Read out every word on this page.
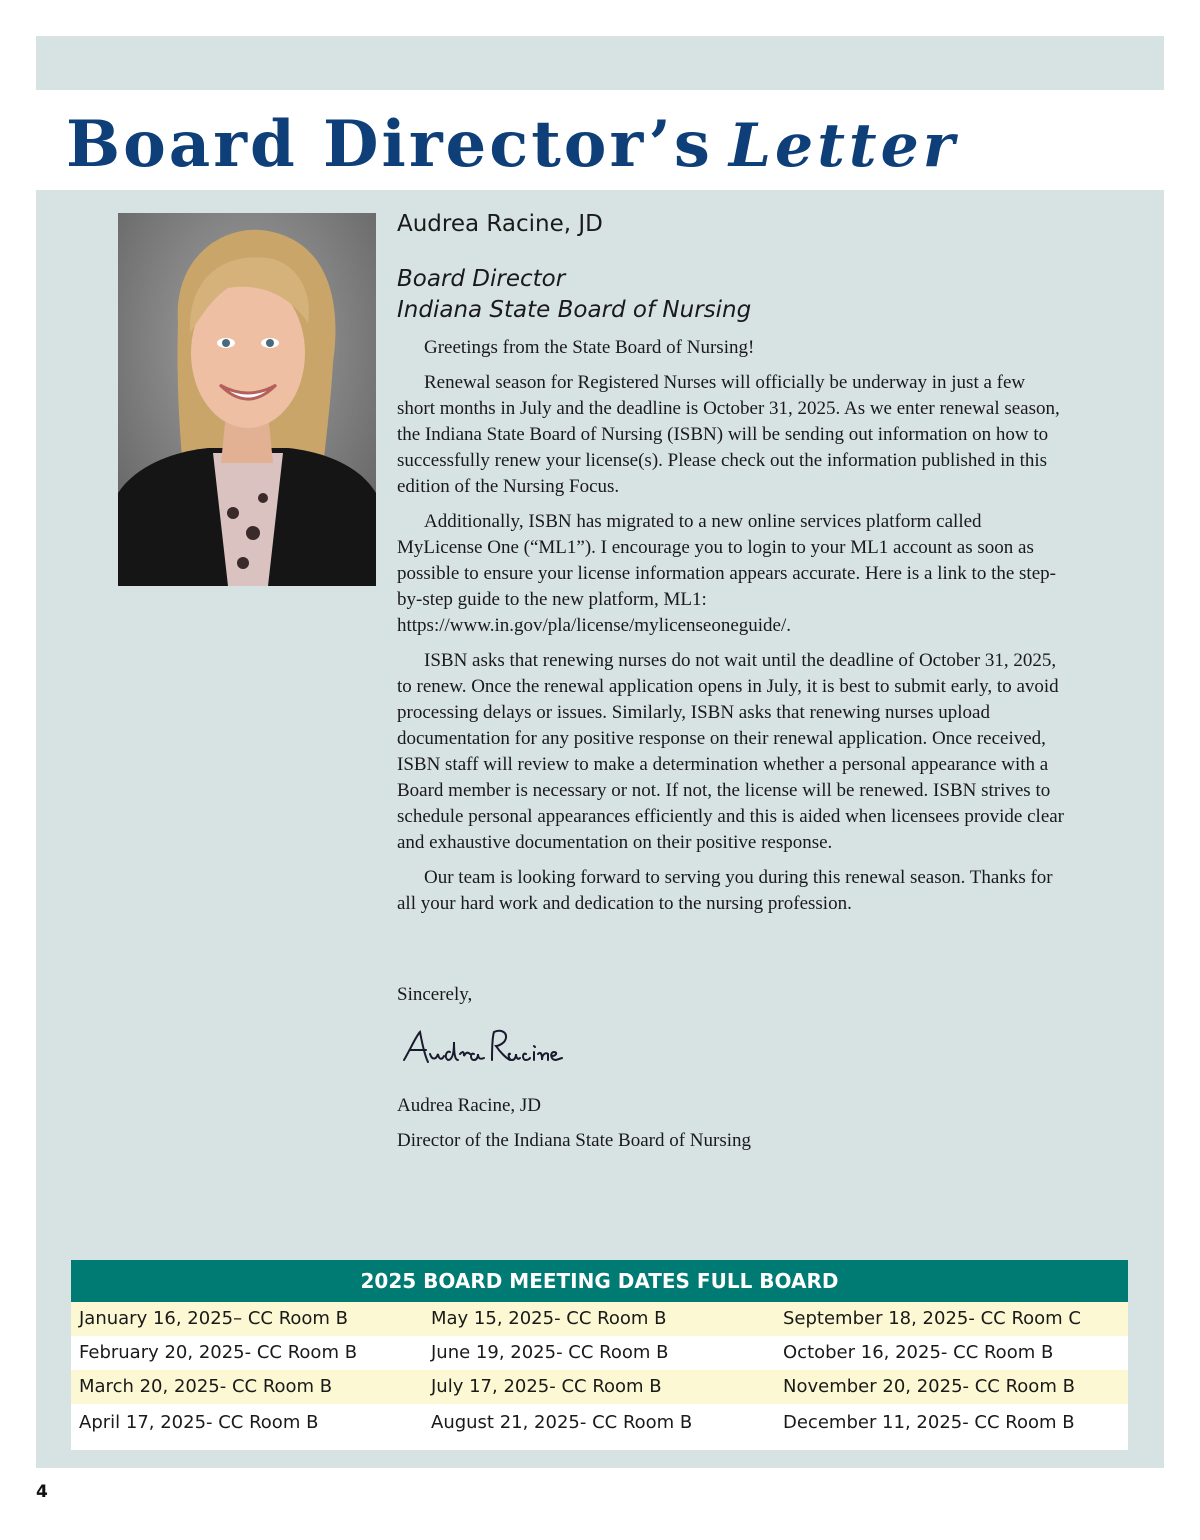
Board Director’s Letter
Audrea Racine, JD
Board Director
Indiana State Board of Nursing

Greetings from the State Board of Nursing!

Renewal season for Registered Nurses will officially be underway in just a few short months in July and the deadline is October 31, 2025. As we enter renewal season, the Indiana State Board of Nursing (ISBN) will be sending out information on how to successfully renew your license(s). Please check out the information published in this edition of the Nursing Focus.

Additionally, ISBN has migrated to a new online services platform called MyLicense One (“ML1”). I encourage you to login to your ML1 account as soon as possible to ensure your license information appears accurate. Here is a link to the step-by-step guide to the new platform, ML1: https://www.in.gov/pla/license/mylicenseoneguide/.

ISBN asks that renewing nurses do not wait until the deadline of October 31, 2025, to renew. Once the renewal application opens in July, it is best to submit early, to avoid processing delays or issues. Similarly, ISBN asks that renewing nurses upload documentation for any positive response on their renewal application. Once received, ISBN staff will review to make a determination whether a personal appearance with a Board member is necessary or not. If not, the license will be renewed. ISBN strives to schedule personal appearances efficiently and this is aided when licensees provide clear and exhaustive documentation on their positive response.

Our team is looking forward to serving you during this renewal season. Thanks for all your hard work and dedication to the nursing profession.

Sincerely,

Audrea Racine, JD
Director of the Indiana State Board of Nursing
2025 BOARD MEETING DATES FULL BOARD
January 16, 2025– CC Room B	May 15, 2025- CC Room B	September 18, 2025- CC Room C
February 20, 2025- CC Room B	June 19, 2025- CC Room B	October 16, 2025- CC Room B
March 20, 2025- CC Room B	July 17, 2025- CC Room B	November 20, 2025- CC Room B
April 17, 2025- CC Room B	August 21, 2025- CC Room B	December 11, 2025- CC Room B
4
